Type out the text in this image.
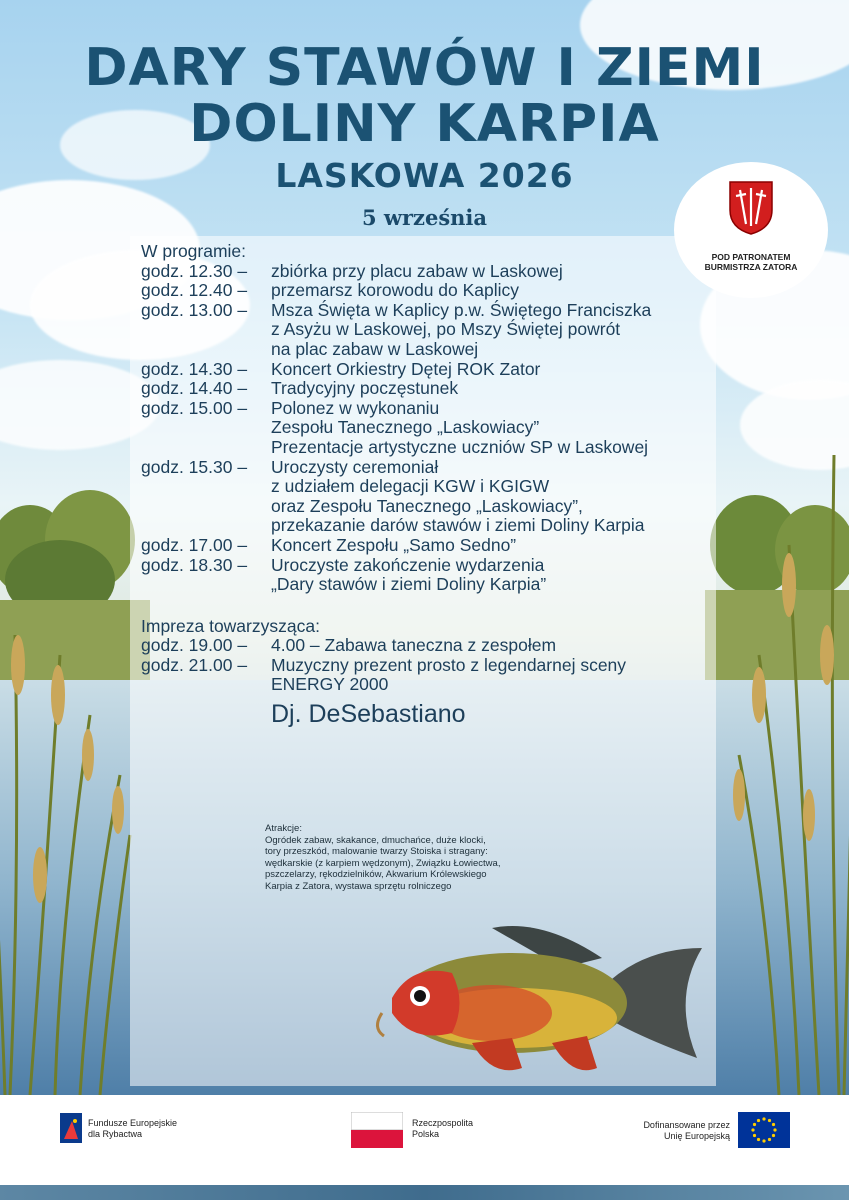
DARY STAWÓW I ZIEMI
DOLINY KARPIA
LASKOWA 2026
5 września
POD PATRONATEM
BURMISTRZA ZATORA
W programie:
godz. 12.30 –	zbiórka przy placu zabaw w Laskowej
godz. 12.40 –	przemarsz korowodu do Kaplicy
godz. 13.00 –	Msza Święta w Kaplicy p.w. Świętego Franciszka
z Asyżu w Laskowej, po Mszy Świętej powrót
na plac zabaw w Laskowej
godz. 14.30 –	Koncert Orkiestry Dętej ROK Zator
godz. 14.40 –	Tradycyjny poczęstunek
godz. 15.00 –	Polonez w wykonaniu
Zespołu Tanecznego „Laskowiacy”
Prezentacje artystyczne uczniów SP w Laskowej
godz. 15.30 –	Uroczysty ceremoniał
z udziałem delegacji KGW i KGIGW
oraz Zespołu Tanecznego „Laskowiacy”,
przekazanie darów stawów i ziemi Doliny Karpia
godz. 17.00 –	Koncert Zespołu „Samo Sedno”
godz. 18.30 –	Uroczyste zakończenie wydarzenia
„Dary stawów i ziemi Doliny Karpia”
Impreza towarzysząca:
godz. 19.00 –	4.00 – Zabawa taneczna z zespołem
godz. 21.00 –	Muzyczny prezent prosto z legendarnej sceny
ENERGY 2000
Dj. DeSebastiano
Atrakcje:
Ogródek zabaw, skakance, dmuchańce, duże klocki,
tory przeszkód, malowanie twarzy Stoiska i stragany:
wędkarskie (z karpiem wędzonym), Związku Łowiectwa,
pszczelarzy, rękodzielników, Akwarium Królewskiego
Karpia z Zatora, wystawa sprzętu rolniczego
Fundusze Europejskie
dla Rybactwa
Rzeczpospolita
Polska
Dofinansowane przez
Unię Europejską
